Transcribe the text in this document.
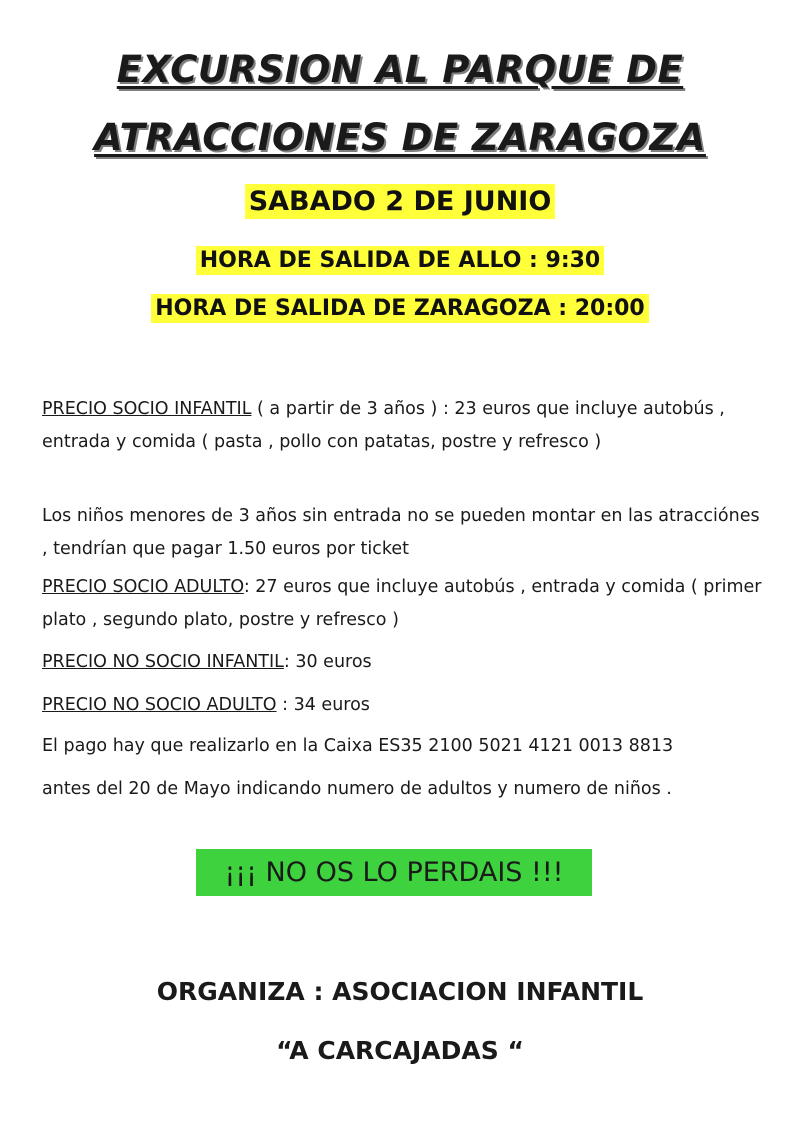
EXCURSION AL PARQUE DE
ATRACCIONES DE ZARAGOZA
SABADO 2 DE JUNIO
HORA DE SALIDA DE ALLO : 9:30
HORA DE SALIDA DE ZARAGOZA : 20:00
PRECIO SOCIO INFANTIL ( a partir de 3 años ) : 23 euros que incluye autobús , entrada y comida ( pasta , pollo con patatas, postre y refresco )
Los niños menores de 3 años sin entrada no se pueden montar en las atracciónes , tendrían que pagar 1.50 euros por ticket
PRECIO SOCIO ADULTO: 27 euros que incluye autobús , entrada y comida ( primer plato , segundo plato, postre y refresco )
PRECIO NO SOCIO INFANTIL: 30 euros
PRECIO NO SOCIO ADULTO : 34 euros
El pago hay que realizarlo en la Caixa ES35 2100 5021 4121 0013 8813
antes del 20 de Mayo indicando numero de adultos y numero de niños .
¡¡¡ NO OS LO PERDAIS !!!
ORGANIZA : ASOCIACION INFANTIL
“A CARCAJADAS “
